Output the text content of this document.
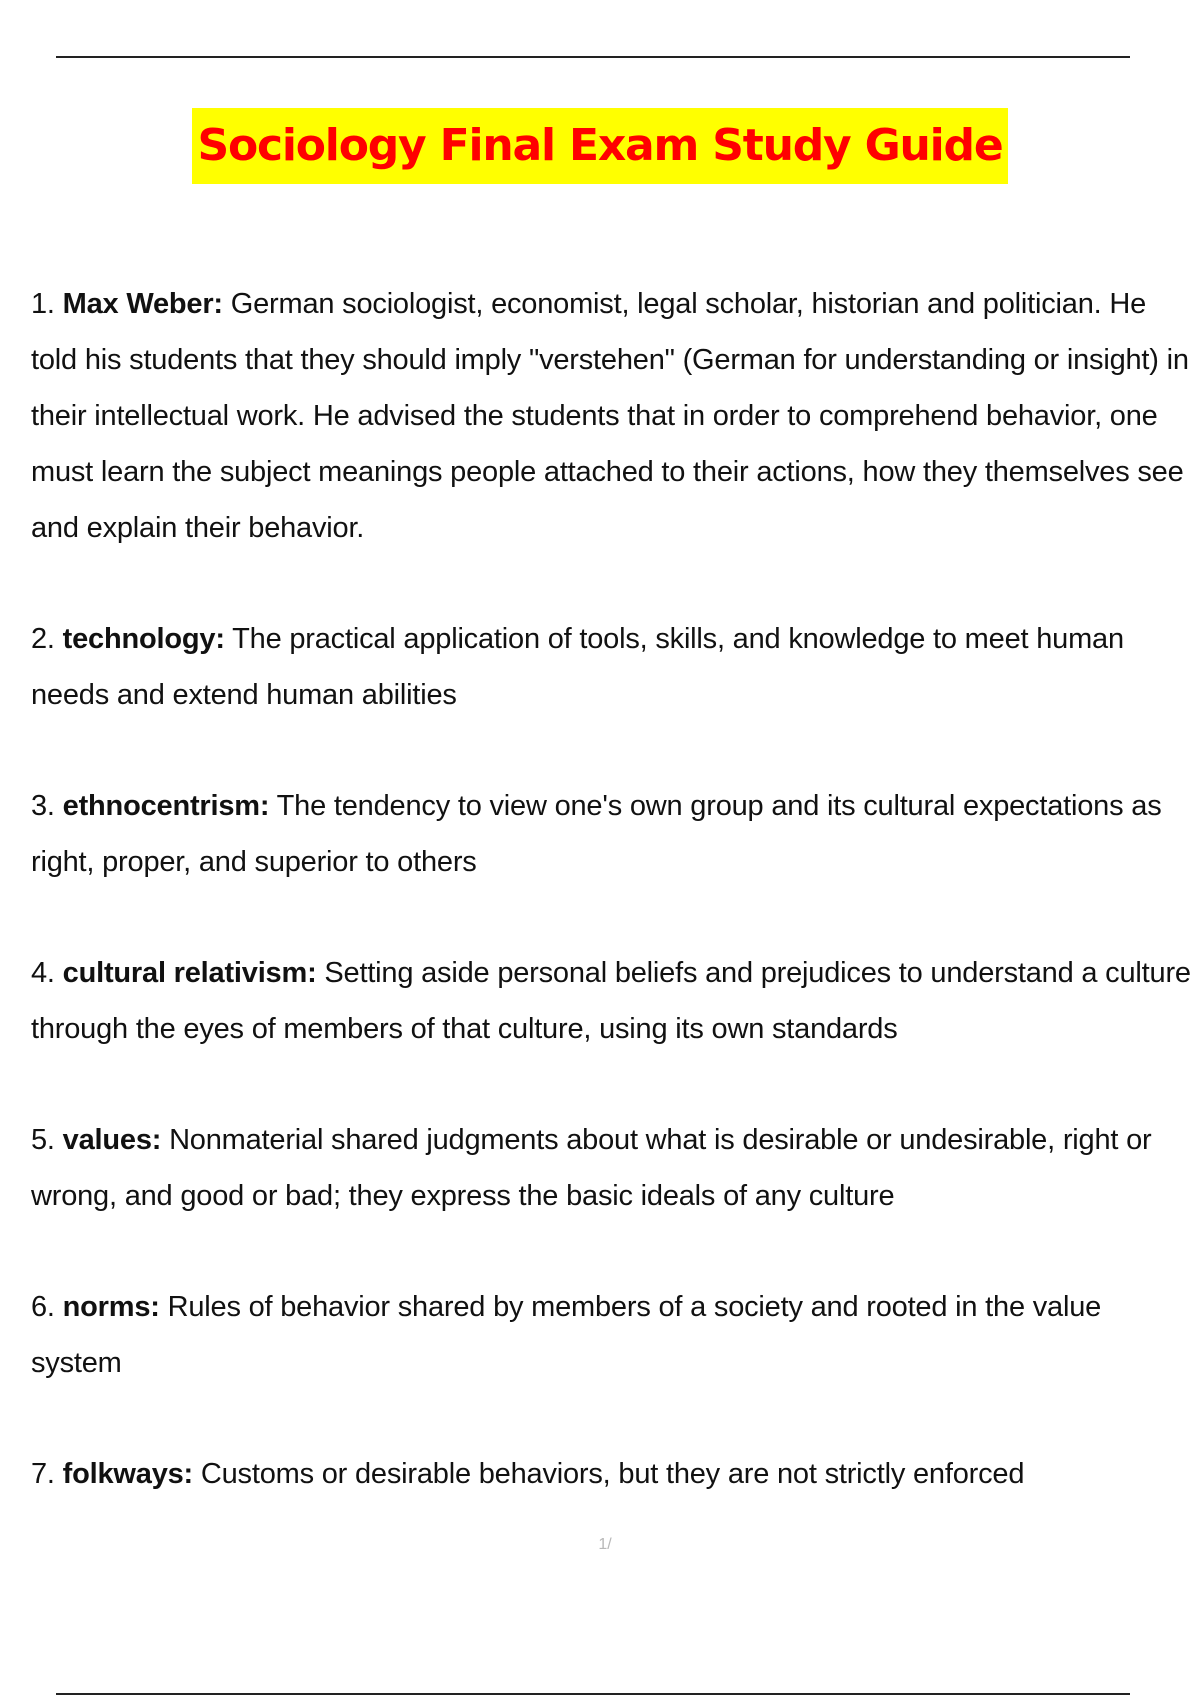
Sociology Final Exam Study Guide
1. Max Weber: German sociologist, economist, legal scholar, historian and politician. He told his students that they should imply "verstehen" (German for understanding or insight) in their intellectual work. He advised the students that in order to comprehend behavior, one must learn the subject meanings people attached to their actions, how they themselves see and explain their behavior.
2. technology: The practical application of tools, skills, and knowledge to meet human needs and extend human abilities
3. ethnocentrism: The tendency to view one's own group and its cultural expectations as right, proper, and superior to others
4. cultural relativism: Setting aside personal beliefs and prejudices to understand a culture through the eyes of members of that culture, using its own standards
5. values: Nonmaterial shared judgments about what is desirable or undesirable, right or wrong, and good or bad; they express the basic ideals of any culture
6. norms: Rules of behavior shared by members of a society and rooted in the value system
7. folkways: Customs or desirable behaviors, but they are not strictly enforced
1/
